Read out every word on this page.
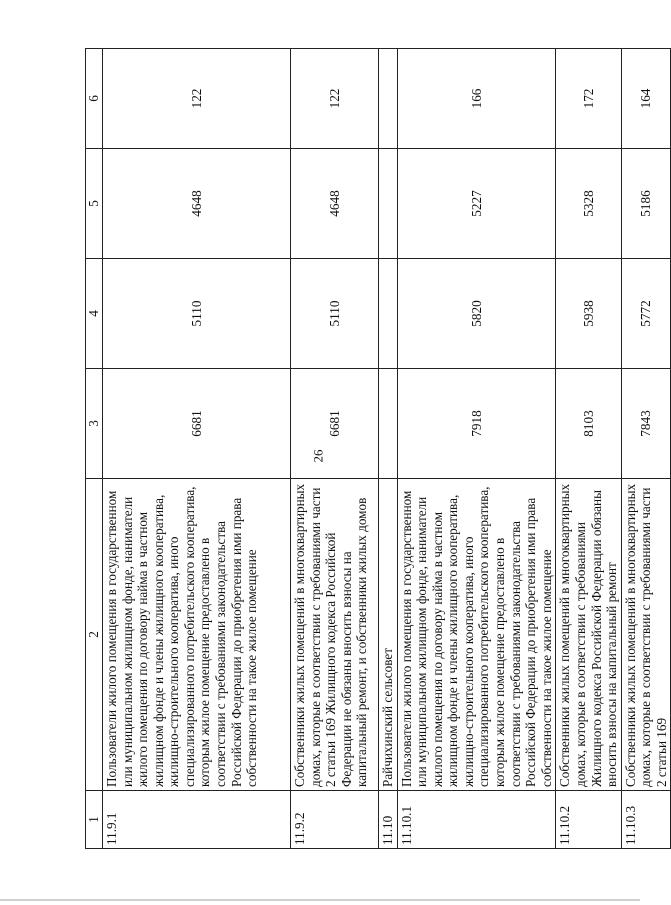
26
1	2	3	4	5	6
11.9.1	Пользователи жилого помещения в государственном или муниципальном жилищном фонде, наниматели жилого помещения по договору найма в частном жилищном фонде и члены жилищного кооператива, жилищно-строительного кооператива, иного специализированного потребительского кооператива, которым жилое помещение предоставлено в соответствии с требованиями законодательства Российской Федерации до приобретения ими права собственности на такое жилое помещение	6681	5110	4648	122
11.9.2	Собственники жилых помещений в многоквартирных домах, которые в соответствии с требованиями части 2 статьи 169 Жилищного кодекса Российской Федерации не обязаны вносить взносы на капитальный ремонт, и собственники жилых домов	6681	5110	4648	122
11.10	Райчихинский сельсовет				
11.10.1	Пользователи жилого помещения в государственном или муниципальном жилищном фонде, наниматели жилого помещения по договору найма в частном жилищном фонде и члены жилищного кооператива, жилищно-строительного кооператива, иного специализированного потребительского кооператива, которым жилое помещение предоставлено в соответствии с требованиями законодательства Российской Федерации до приобретения ими права собственности на такое жилое помещение	7918	5820	5227	166
11.10.2	Собственники жилых помещений в многоквартирных домах, которые в соответствии с требованиями Жилищного кодекса Российской Федерации обязаны вносить взносы на капитальный ремонт	8103	5938	5328	172
11.10.3	Собственники жилых помещений в многоквартирных домах, которые в соответствии с требованиями части 2 статьи 169	7843	5772	5186	164
